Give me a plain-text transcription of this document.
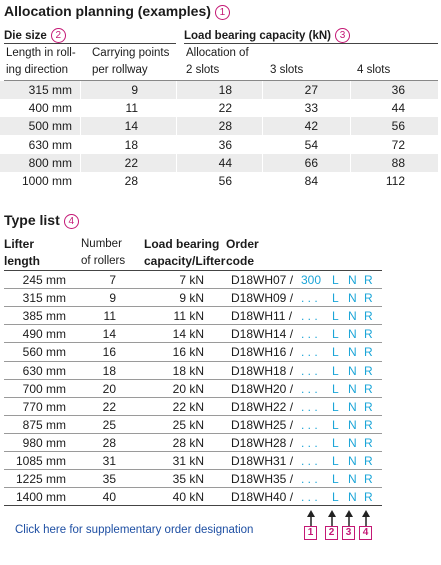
Allocation planning (examples) 1
Die size 2	Load bearing capacity (kN) 3
Length in roll-
ing direction
Carrying points
per rollway
Allocation of
2 slots	3 slots	4 slots
315 mm	9	18	27	36
400 mm	11	22	33	44
500 mm	14	28	42	56
630 mm	18	36	54	72
800 mm	22	44	66	88
1000 mm	28	56	84	112
Type list 4
Lifter
length
Number
of rollers
Load bearing
capacity/Lifter
Order
code
245 mm	7	7 kN D18WH07 / 300 L N R
315 mm	9	9 kN D18WH09 / . . . L N R
385 mm	11	11 kN D18WH11 / . . . L N R
490 mm	14	14 kN D18WH14 / . . . L N R
560 mm	16	16 kN D18WH16 / . . . L N R
630 mm	18	18 kN D18WH18 / . . . L N R
700 mm	20	20 kN D18WH20 / . . . L N R
770 mm	22	22 kN D18WH22 / . . . L N R
875 mm	25	25 kN D18WH25 / . . . L N R
980 mm	28	28 kN D18WH28 / . . . L N R
1085 mm	31	31 kN D18WH31 / . . . L N R
1225 mm	35	35 kN D18WH35 / . . . L N R
1400 mm	40	40 kN D18WH40 / . . . L N R
1	2	3	4
Click here for supplementary order designation
